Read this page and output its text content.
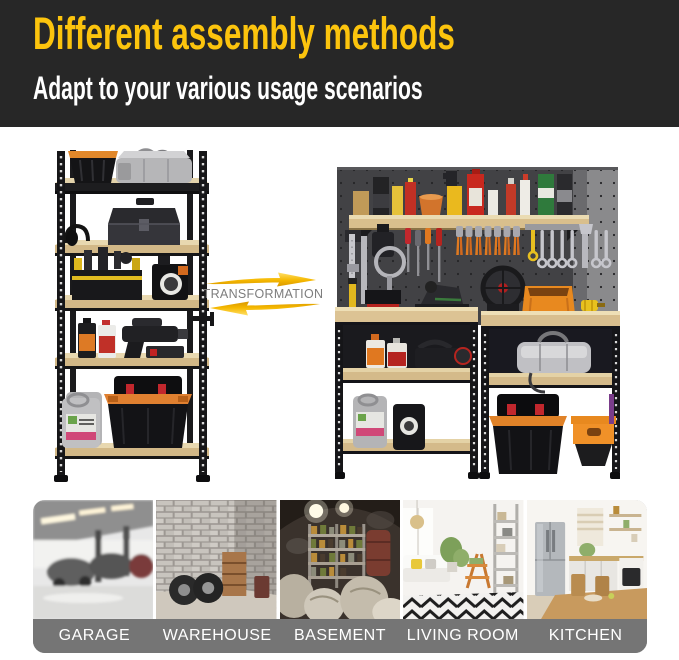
Different assembly methods
Adapt to your various usage scenarios
TRANSFORMATION
GARAGE	WAREHOUSE	BASEMENT	LIVING ROOM	KITCHEN
